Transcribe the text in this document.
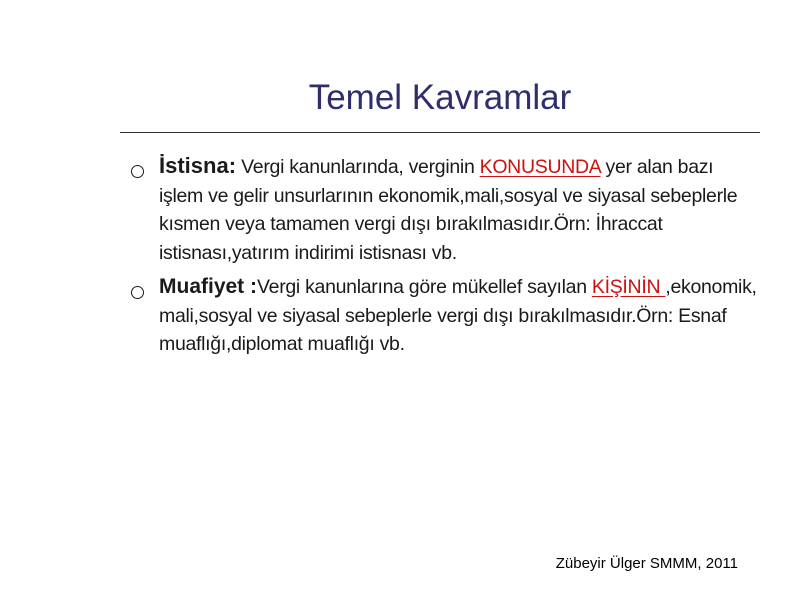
Temel Kavramlar
İstisna: Vergi kanunlarında, verginin KONUSUNDA yer alan bazı işlem ve gelir unsurlarının ekonomik,mali,sosyal ve siyasal sebeplerle kısmen veya tamamen vergi dışı bırakılmasıdır.Örn: İhraccat istisnası,yatırım indirimi istisnası vb.
Muafiyet :Vergi kanunlarına göre mükellef sayılan KİŞİNİN ,ekonomik, mali,sosyal ve siyasal sebeplerle vergi dışı bırakılmasıdır.Örn: Esnaf muaflığı,diplomat muaflığı vb.
Zübeyir Ülger SMMM, 2011
